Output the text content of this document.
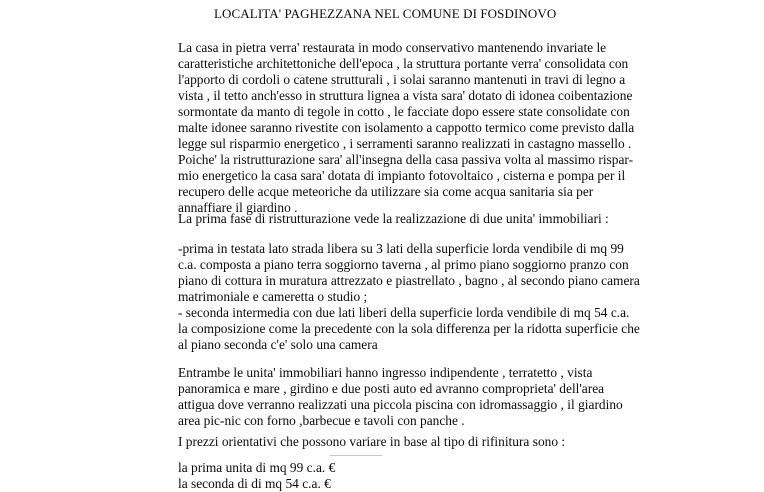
LOCALITA' PAGHEZZANA NEL COMUNE DI FOSDINOVO
La casa in pietra verra' restaurata in modo conservativo mantenendo invariate le
caratteristiche architettoniche dell'epoca , la struttura portante verra' consolidata con
l'apporto di cordoli o catene strutturali , i solai saranno mantenuti in travi di legno a
vista , il tetto anch'esso in struttura lignea a vista sara' dotato di idonea coibentazione
sormontate da manto di tegole in cotto , le facciate dopo essere state consolidate con
malte idonee saranno rivestite con isolamento a cappotto termico come previsto dalla
legge sul risparmio energetico , i serramenti saranno realizzati in castagno massello .
Poiche' la ristrutturazione sara' all'insegna della casa passiva volta al massimo rispar-
mio energetico la casa sara' dotata di impianto fotovoltaico , cisterna e pompa per il
recupero delle acque meteoriche da utilizzare sia come acqua sanitaria sia per
annaffiare il giardino .
La prima fase di ristrutturazione vede la realizzazione di due unita' immobiliari :
-prima in testata lato strada libera su 3 lati della superficie lorda vendibile di mq 99
c.a. composta a piano terra soggiorno taverna , al primo piano soggiorno pranzo con
piano di cottura in muratura attrezzato e piastrellato , bagno , al secondo piano camera
matrimoniale e cameretta o studio ;
- seconda intermedia con due lati liberi della superficie lorda vendibile di mq 54 c.a.
la composizione come la precedente con la sola differenza per la ridotta superficie che
al piano seconda c'e' solo una camera
Entrambe le unita' immobiliari hanno ingresso indipendente , terratetto , vista
panoramica e mare , girdino e due posti auto ed avranno comproprieta' dell'area
attigua dove verranno realizzati una piccola piscina con idromassaggio , il giardino
area pic-nic con forno ,barbecue e tavoli con panche .
I prezzi orientativi che possono variare in base al tipo di rifinitura sono :
la prima unita di mq 99 c.a. €
la seconda di di mq 54 c.a. €
